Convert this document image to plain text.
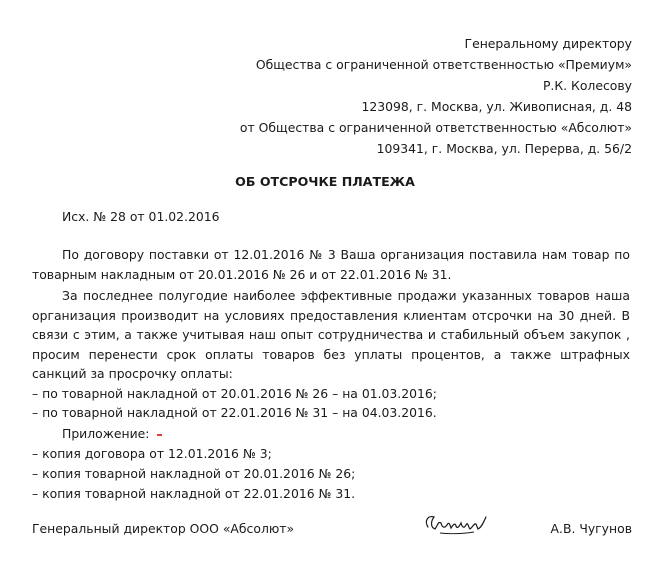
Генеральному директору
Общества с ограниченной ответственностью «Премиум»
Р.К. Колесову
123098, г. Москва, ул. Живописная, д. 48
от Общества с ограниченной ответственностью «Абсолют»
109341, г. Москва, ул. Перерва, д. 56/2
ОБ ОТСРОЧКЕ ПЛАТЕЖА
Исх. № 28 от 01.02.2016
По договору поставки от 12.01.2016 № 3 Ваша организация поставила нам товар по товарным накладным от 20.01.2016 № 26 и от 22.01.2016 № 31.
За последнее полугодие наиболее эффективные продажи указанных товаров наша организация производит на условиях предоставления клиентам отсрочки на 30 дней. В связи с этим, а также учитывая наш опыт сотрудничества и стабильный объем закупок , просим перенести срок оплаты товаров без уплаты процентов, а также штрафных санкций за просрочку оплаты:
– по товарной накладной от 20.01.2016 № 26 – на 01.03.2016;
– по товарной накладной от 22.01.2016 № 31 – на 04.03.2016.
Приложение:
– копия договора от 12.01.2016 № 3;
– копия товарной накладной от 20.01.2016 № 26;
– копия товарной накладной от 22.01.2016 № 31.
Генеральный директор ООО «Абсолют»	А.В. Чугунов
